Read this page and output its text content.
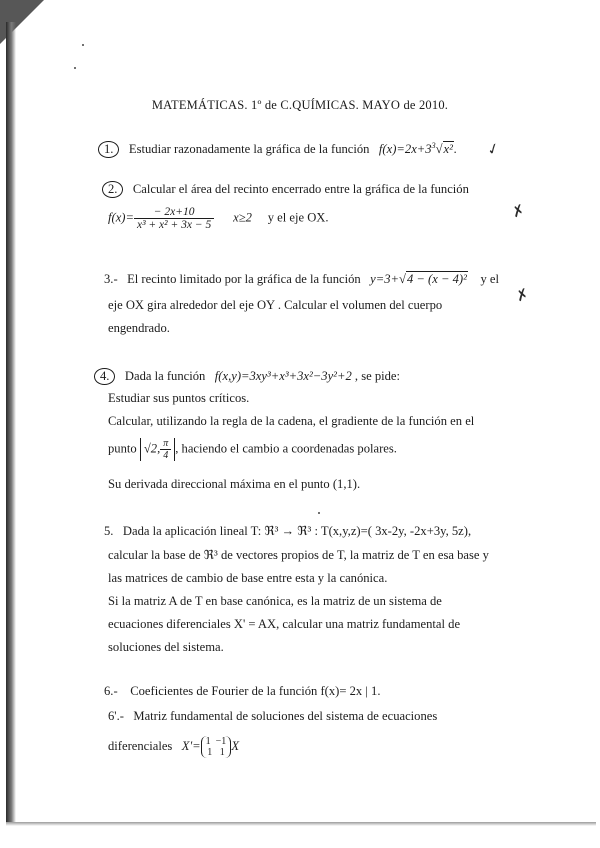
MATEMÁTICAS. 1º de C.QUÍMICAS. MAYO de 2010.
1. Estudiar razonadamente la gráfica de la función $f(x)=2x+3^3√x^2$. ✓
2. Calcular el área del recinto encerrado entre la gráfica de la función
$f(x)= \frac{- 2x+10}{\text{x³ + x² + 3x − 5}} x\ge 2$ y el eje OX.	✗
3.- El recinto limitado por la gráfica de la función y=3+√4 − (x − 4)² y el
eje OX gira alrededor del eje OY . Calcular el volumen del cuerpo
engendrado.
✗
4. Dada la función f(x,y)=3xy³+x³+3x²−3y²+2 , se pide:
Estudiar sus puntos críticos.
Calcular, utilizando la regla de la cadena, el gradiente de la función en el
punto √2, $\frac{\pi}{4}$ , haciendo el cambio a coordenadas polares.
Su derivada direccional máxima en el punto (1,1).
5. Dada la aplicación lineal T: ℜ³ → ℜ³ : T(x,y,z)=( 3x-2y, -2x+3y, 5z),
calcular la base de ℜ³ de vectores propios de T, la matriz de T en esa base y
las matrices de cambio de base entre esta y la canónica.
Si la matriz A de T en base canónica, es la matriz de un sistema de
ecuaciones diferenciales X' = AX, calcular una matriz fundamental de
soluciones del sistema.
6.- Coeficientes de Fourier de la función f(x)= 2x | 1.
6'.- Matriz fundamental de soluciones del sistema de ecuaciones
diferenciales X'= 1 −1
1 1 X
